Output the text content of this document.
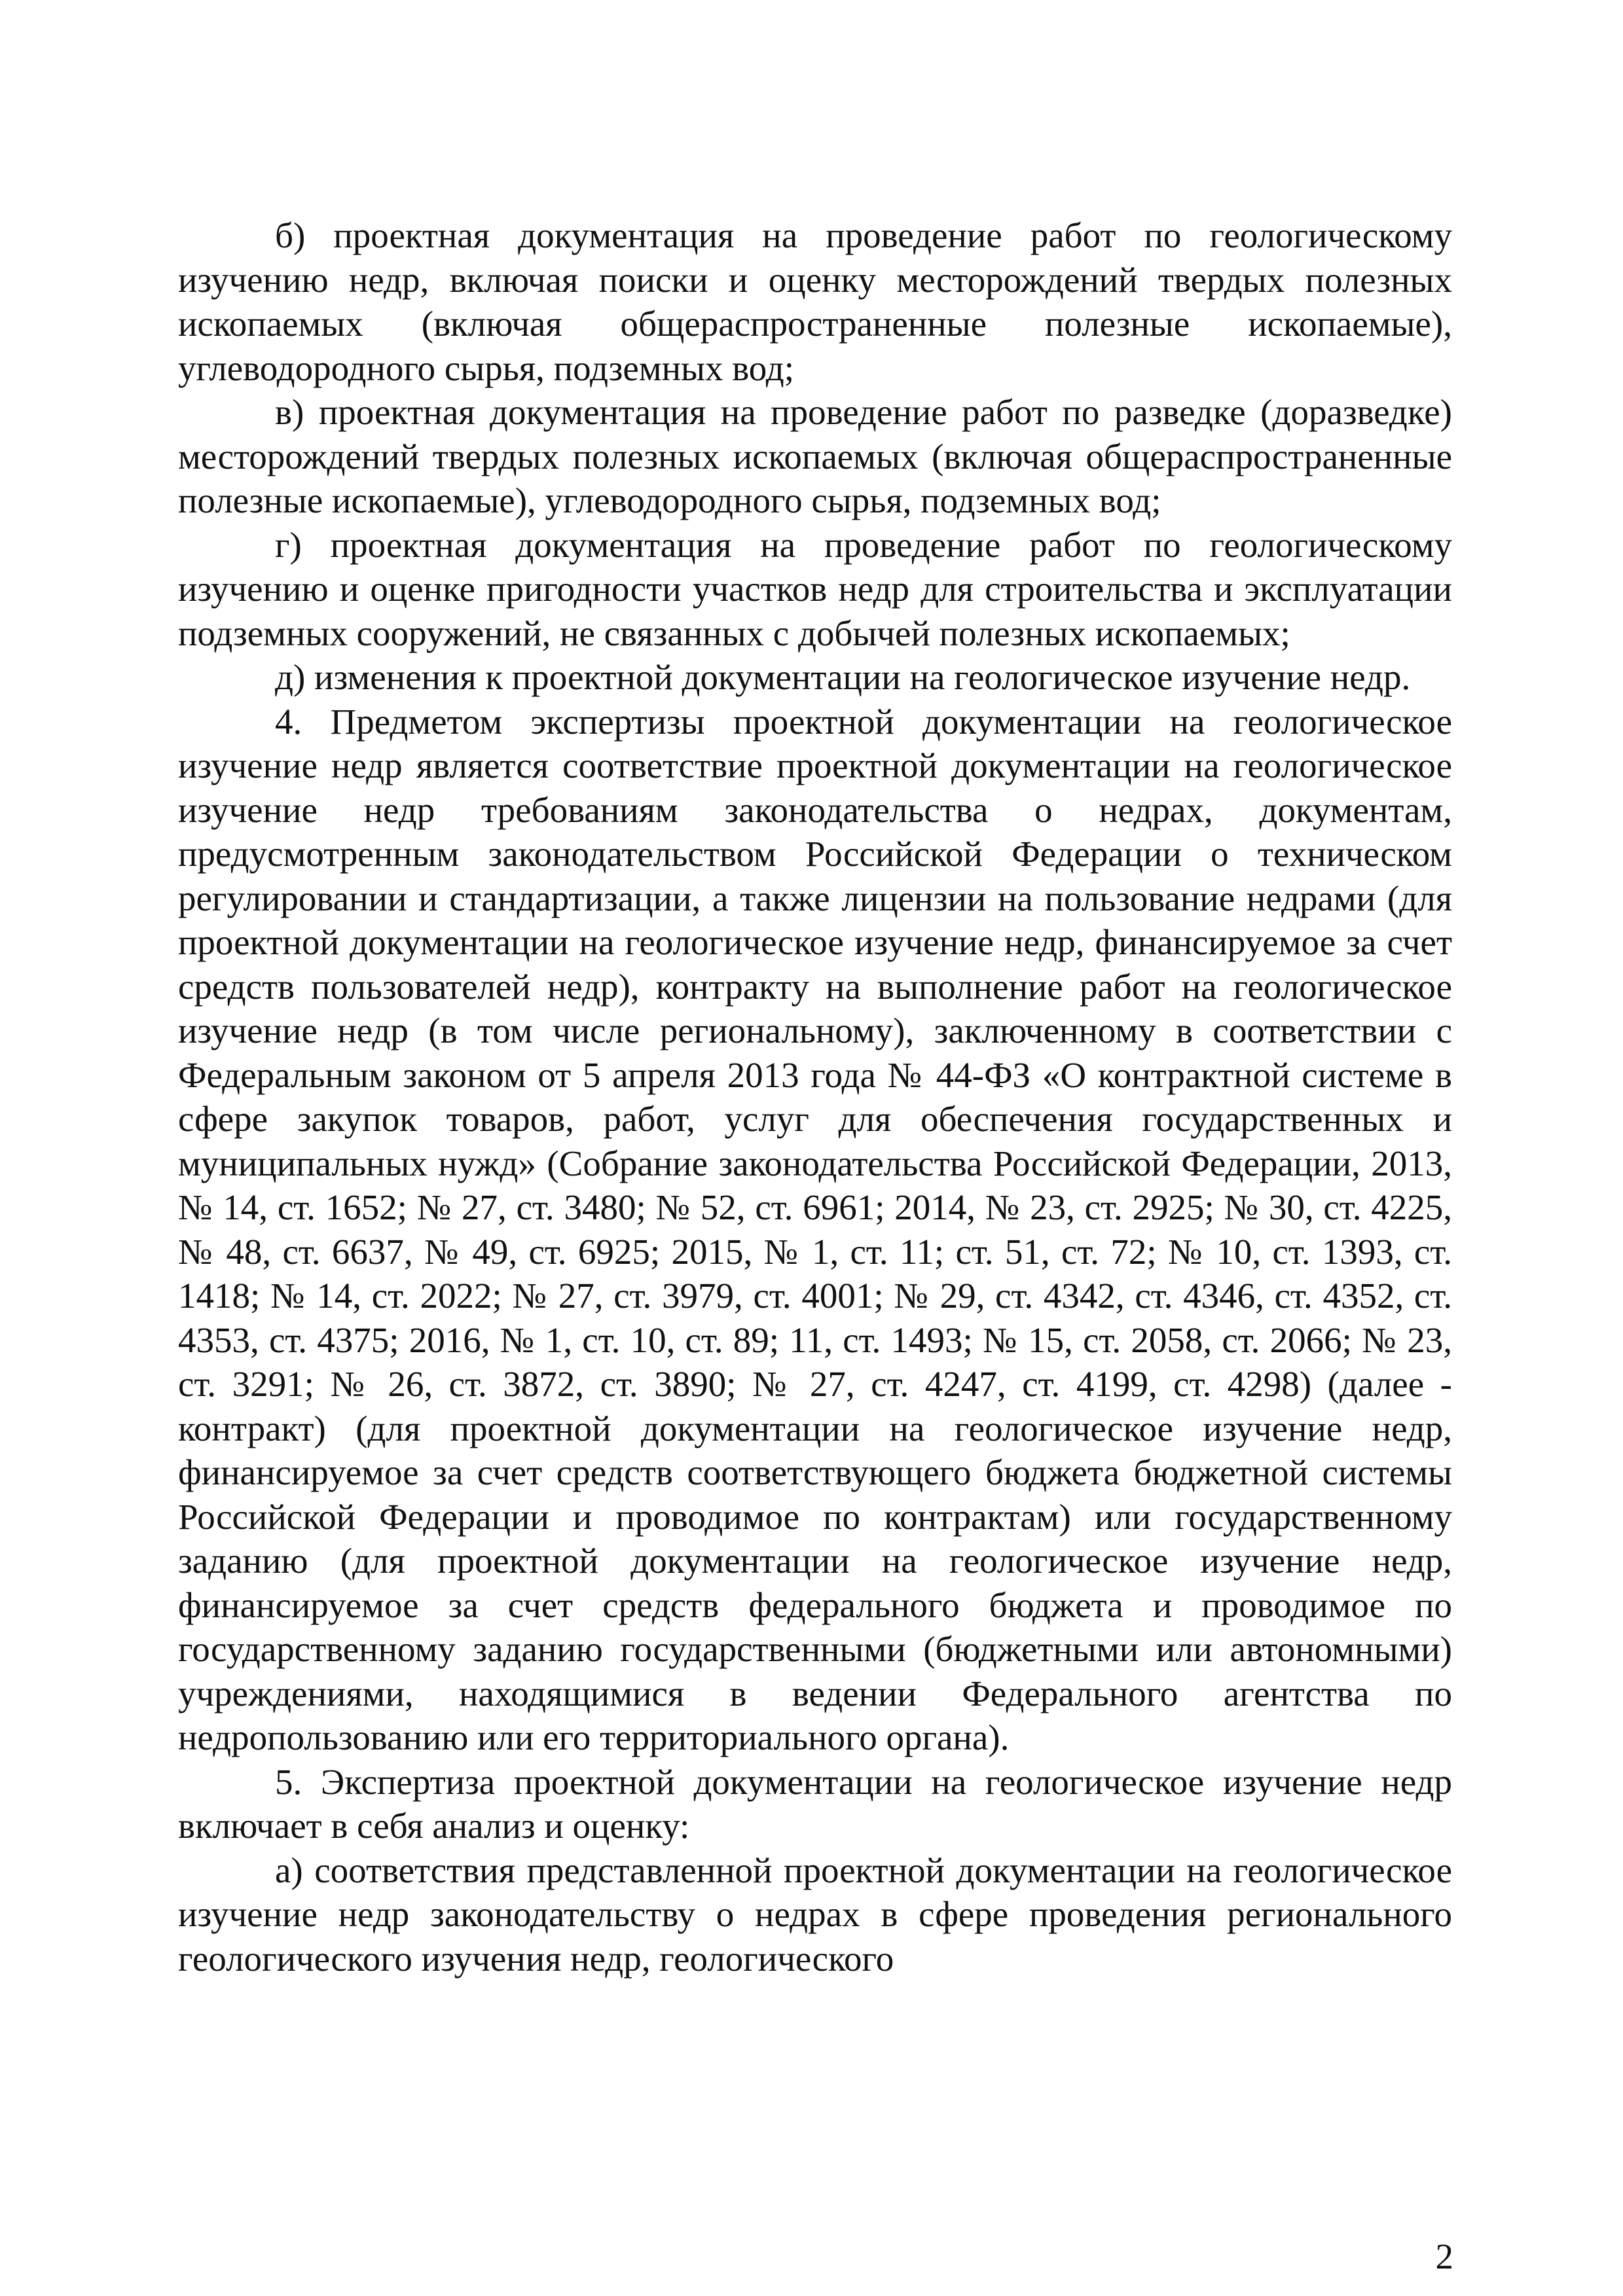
б) проектная документация на проведение работ по геологическому изучению недр, включая поиски и оценку месторождений твердых полезных ископаемых (включая общераспространенные полезные ископаемые), углеводородного сырья, подземных вод;

в) проектная документация на проведение работ по разведке (доразведке) месторождений твердых полезных ископаемых (включая общераспространенные полезные ископаемые), углеводородного сырья, подземных вод;

г) проектная документация на проведение работ по геологическому изучению и оценке пригодности участков недр для строительства и эксплуатации подземных сооружений, не связанных с добычей полезных ископаемых;

д) изменения к проектной документации на геологическое изучение недр.

4. Предметом экспертизы проектной документации на геологическое изучение недр является соответствие проектной документации на геологическое изучение недр требованиям законодательства о недрах, документам, предусмотренным законодательством Российской Федерации о техническом регулировании и стандартизации, а также лицензии на пользование недрами (для проектной документации на геологическое изучение недр, финансируемое за счет средств пользователей недр), контракту на выполнение работ на геологическое изучение недр (в том числе региональному), заключенному в соответствии с Федеральным законом от 5 апреля 2013 года № 44-ФЗ «О контрактной системе в сфере закупок товаров, работ, услуг для обеспечения государственных и муниципальных нужд» (Собрание законодательства Российской Федерации, 2013, № 14, ст. 1652; № 27, ст. 3480; № 52, ст. 6961; 2014, № 23, ст. 2925; № 30, ст. 4225, № 48, ст. 6637, № 49, ст. 6925; 2015, № 1, ст. 11; ст. 51, ст. 72; № 10, ст. 1393, ст. 1418; № 14, ст. 2022; № 27, ст. 3979, ст. 4001; № 29, ст. 4342, ст. 4346, ст. 4352, ст. 4353, ст. 4375; 2016, № 1, ст. 10, ст. 89; 11, ст. 1493; № 15, ст. 2058, ст. 2066; № 23, ст. 3291; № 26, ст. 3872, ст. 3890; № 27, ст. 4247, ст. 4199, ст. 4298) (далее - контракт) (для проектной документации на геологическое изучение недр, финансируемое за счет средств соответствующего бюджета бюджетной системы Российской Федерации и проводимое по контрактам) или государственному заданию (для проектной документации на геологическое изучение недр, финансируемое за счет средств федерального бюджета и проводимое по государственному заданию государственными (бюджетными или автономными) учреждениями, находящимися в ведении Федерального агентства по недропользованию или его территориального органа).

5. Экспертиза проектной документации на геологическое изучение недр включает в себя анализ и оценку:

а) соответствия представленной проектной документации на геологическое изучение недр законодательству о недрах в сфере проведения регионального геологического изучения недр, геологического

2
